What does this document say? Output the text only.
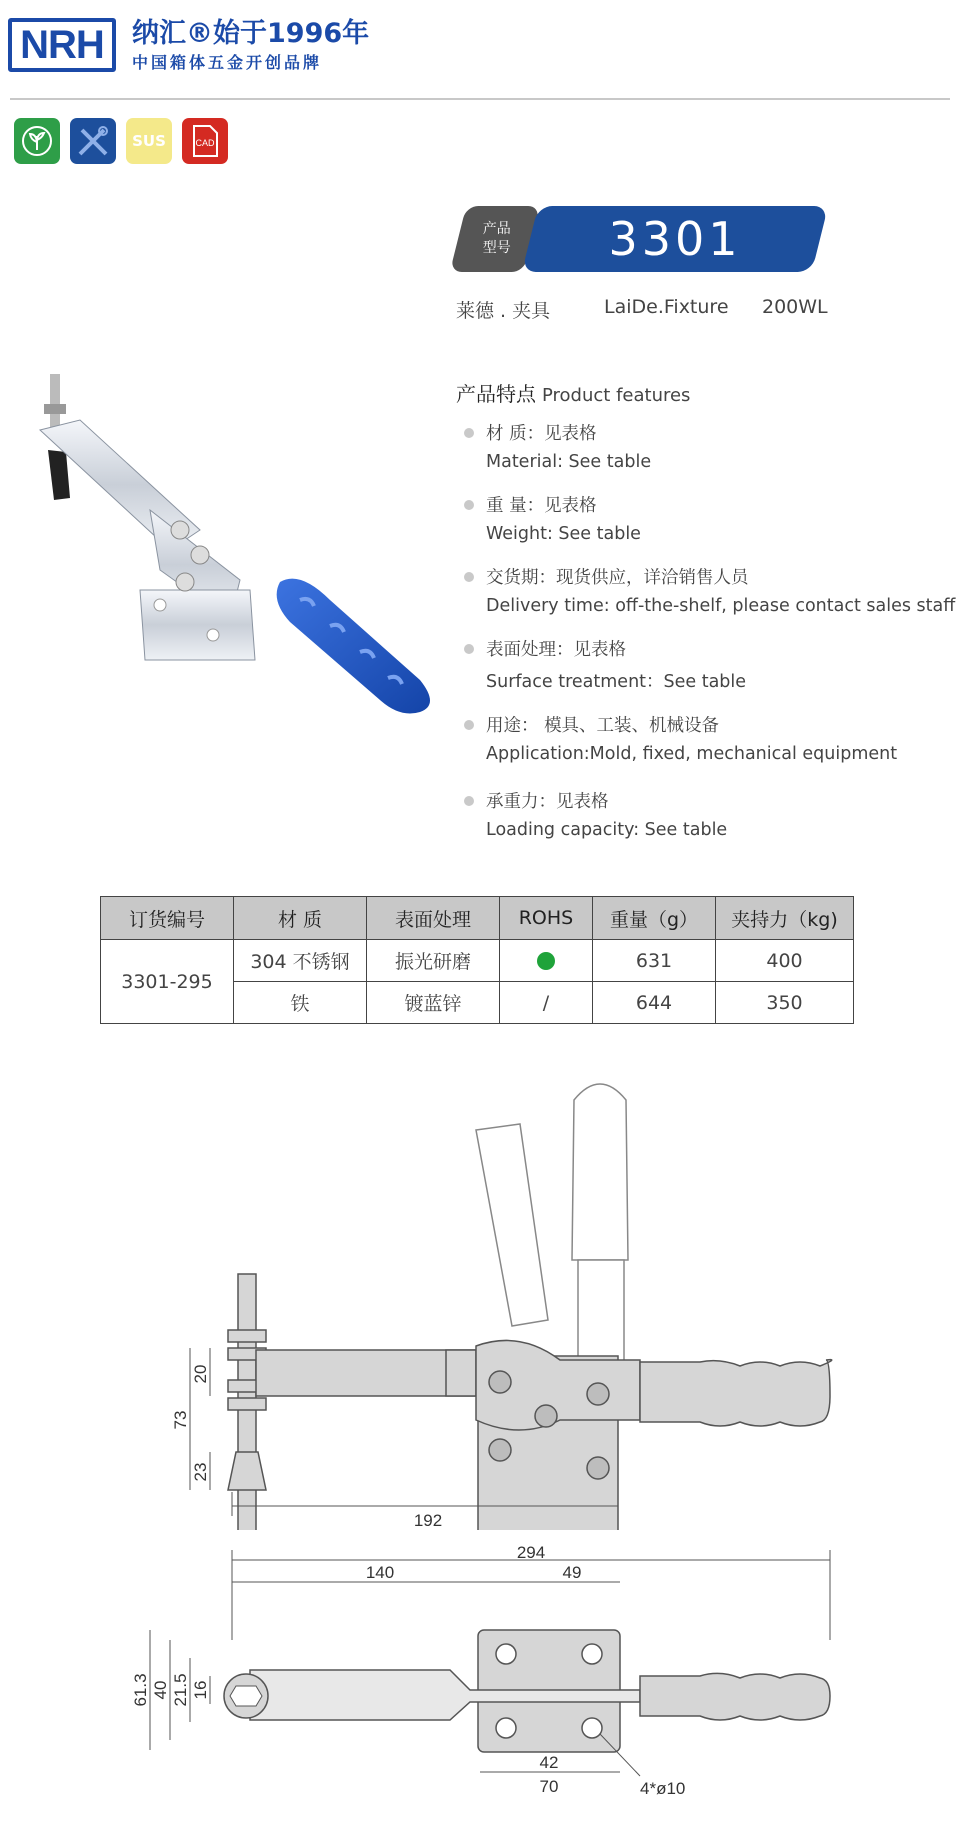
NRH	纳汇®始于1996年
中国箱体五金开创品牌
SUS	CAD
产品
型号	3301
莱德 . 夹具	LaiDe.Fixture 200WL
产品特点 Product features
材 质：见表格
Material: See table
重 量：见表格
Weight: See table
交货期：现货供应，详洽销售人员
Delivery time: off-the-shelf, please contact sales staff
表面处理：见表格
Surface treatment：See table
用途： 模具、工装、机械设备
Application:Mold, fixed, mechanical equipment
承重力：见表格
Loading capacity: See table
订货编号	材 质	表面处理	ROHS	重量（g）	夹持力（kg)
3301-295	304 不锈钢	振光研磨		631	400
	铁	镀蓝锌	/	644	350
20
73
23
192
294
140	49
61.3 40 21.5 16
42
70	4*ø10
